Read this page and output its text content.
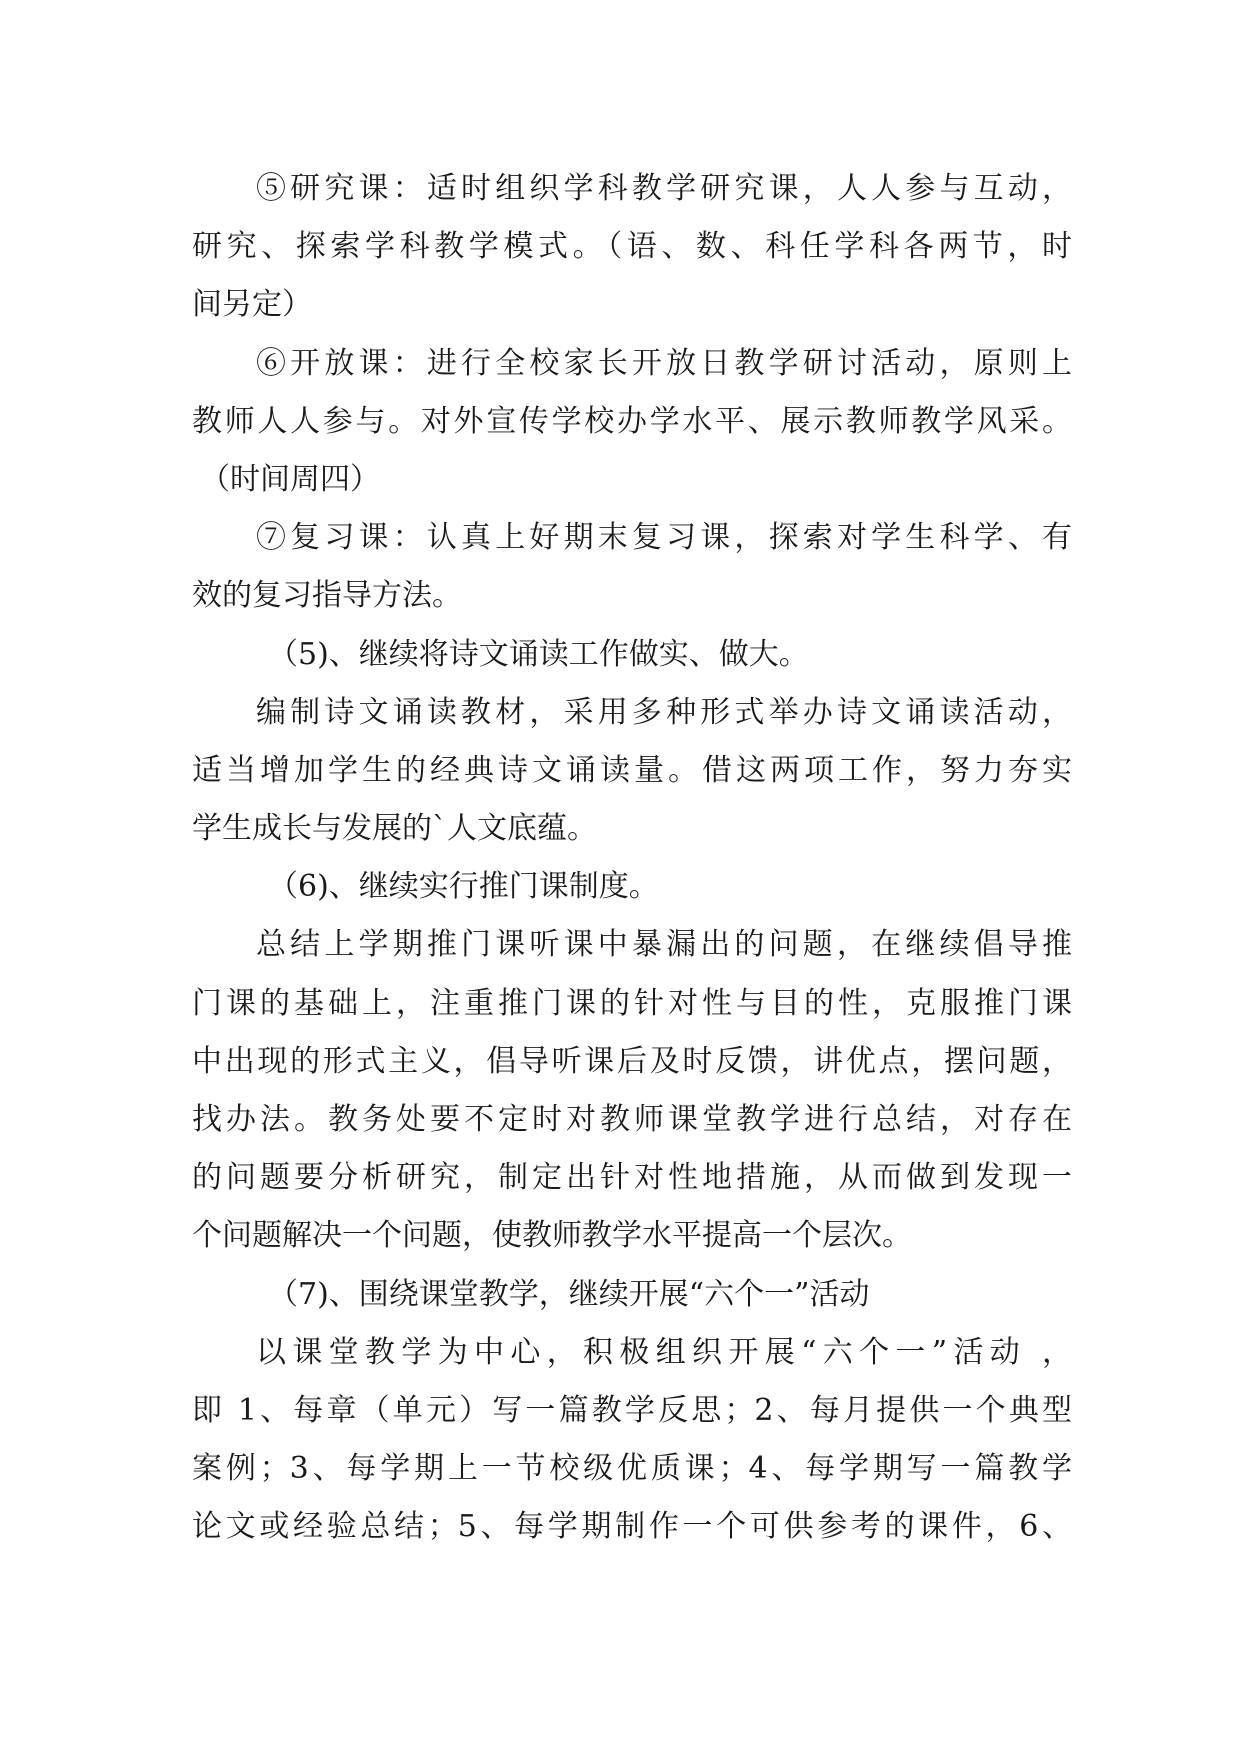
⑤研究课：适时组织学科教学研究课，人人参与互动，
研究、探索学科教学模式。（语、数、科任学科各两节，时
间另定）
⑥开放课：进行全校家长开放日教学研讨活动，原则上
教师人人参与。对外宣传学校办学水平、展示教师教学风采。
（时间周四）
⑦复习课：认真上好期末复习课，探索对学生科学、有
效的复习指导方法。
（5)、继续将诗文诵读工作做实、做大。
编制诗文诵读教材，采用多种形式举办诗文诵读活动，
适当增加学生的经典诗文诵读量。借这两项工作，努力夯实
学生成长与发展的`人文底蕴。
（6)、继续实行推门课制度。
总结上学期推门课听课中暴漏出的问题，在继续倡导推
门课的基础上，注重推门课的针对性与目的性，克服推门课
中出现的形式主义，倡导听课后及时反馈，讲优点，摆问题，
找办法。教务处要不定时对教师课堂教学进行总结，对存在
的问题要分析研究，制定出针对性地措施，从而做到发现一
个问题解决一个问题，使教师教学水平提高一个层次。
（7)、围绕课堂教学，继续开展“六个一”活动
以课堂教学为中心，积极组织开展“六个一”活动 ，
即 1、每章（单元）写一篇教学反思；2、每月提供一个典型
案例；3、每学期上一节校级优质课；4、每学期写一篇教学
论文或经验总结；5、每学期制作一个可供参考的课件，6、
